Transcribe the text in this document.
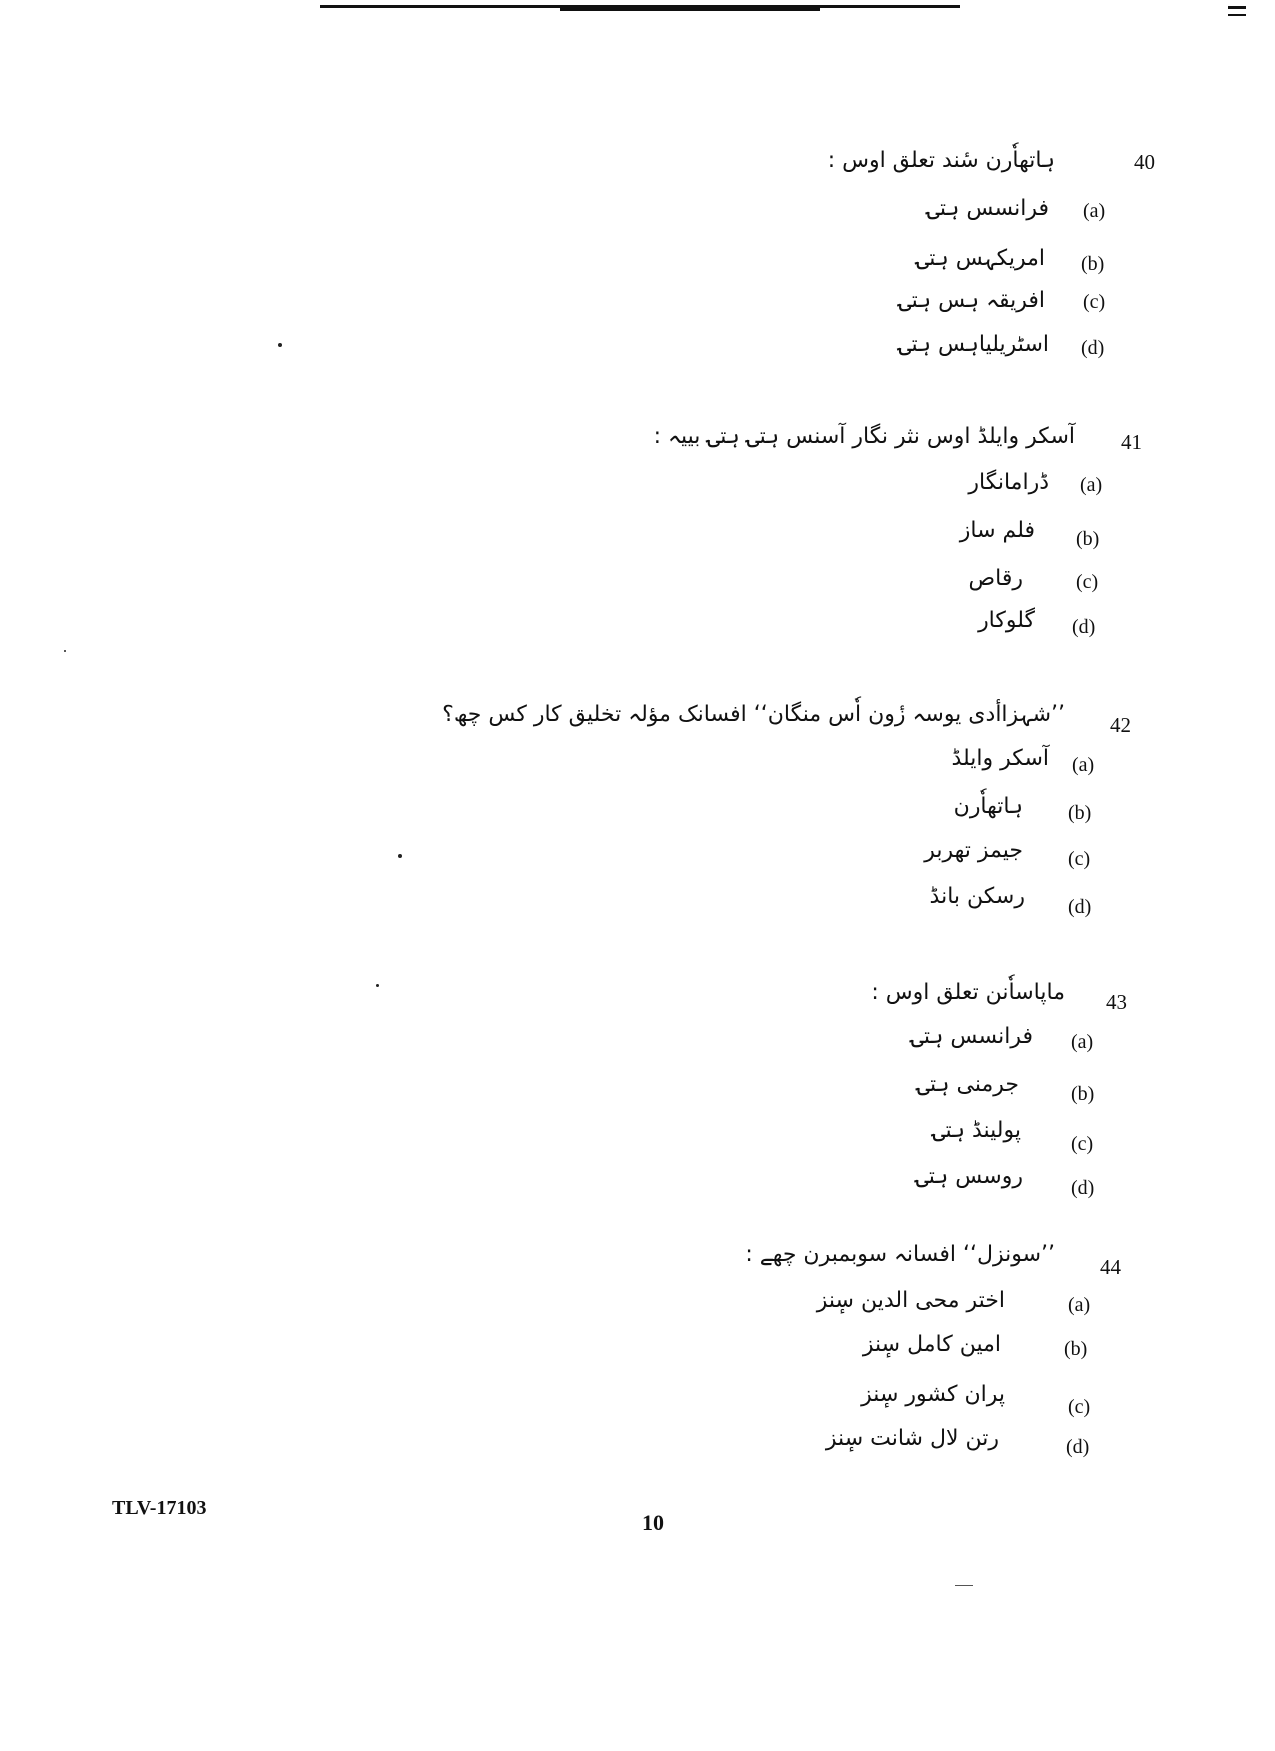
40
ہاتھاٗرن سٔند تعلق اوس :
(a)
فرانسس ہتۍ
(b)
امریکہس ہتۍ
(c)
افریقہ ہس ہتۍ
(d)
اسٹریلیاہس ہتۍ
41
آسکر وایلڈ اوس نثر نگار آسنس ہتۍ ہتۍ بییہ :
(a)
ڈرامانگار
(b)
فلم ساز
(c)
رقاص
(d)
گلوکار
42
’’شہزاأدی یوسہ زٔون اٗس منگان‘‘ افسانک مؤلہ تخلیق کار کس چھ؟
(a)
آسکر وایلڈ
(b)
ہاتھاٗرن
(c)
جیمز تھربر
(d)
رسکن بانڈ
43
ماپاساٗنن تعلق اوس :
(a)
فرانسس ہتۍ
(b)
جرمنی ہتۍ
(c)
پولینڈ ہتۍ
(d)
روسس ہتۍ
44
’’سونزل‘‘ افسانہ سوبمبرن چھے :
(a)
اختر محی الدین سٕنز
(b)
امین کامل سٕنز
(c)
پران کشور سٕنز
(d)
رتن لال شانت سٕنز
TLV-17103
10
